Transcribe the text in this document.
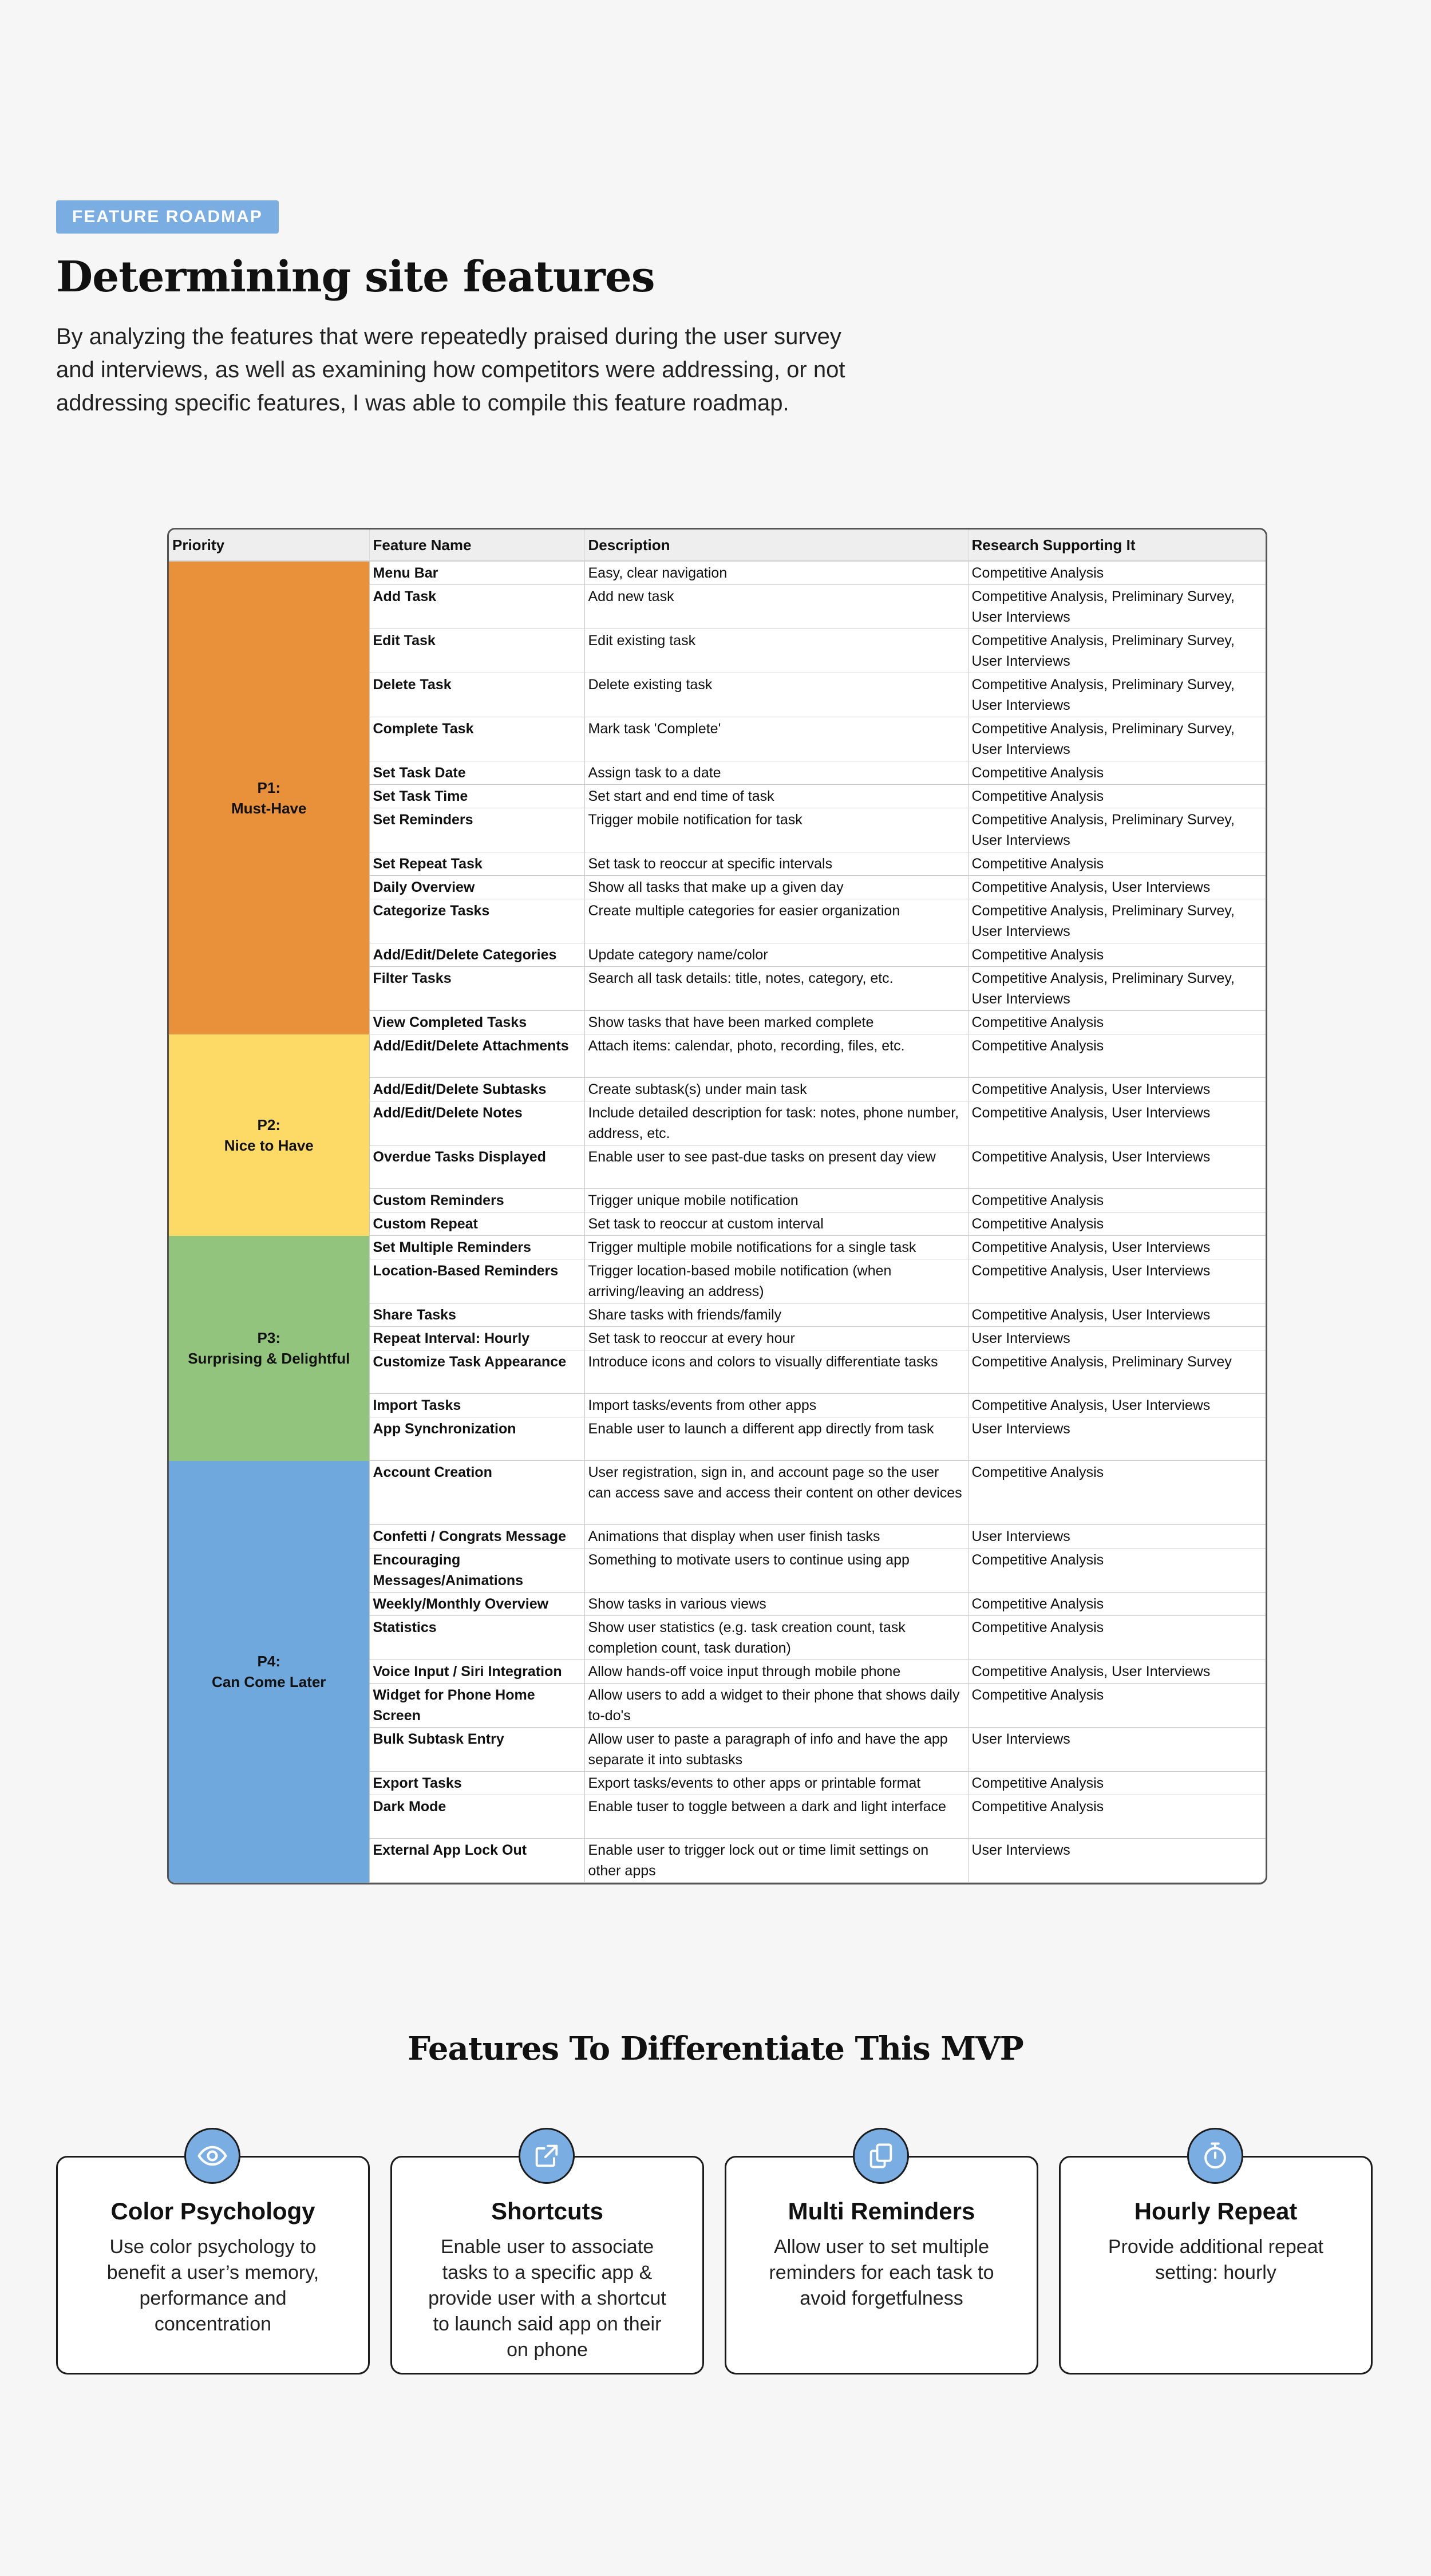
FEATURE ROADMAP
Determining site features

By analyzing the features that were repeatedly praised during the user survey and interviews, as well as examining how competitors were addressing, or not addressing specific features, I was able to compile this feature roadmap.

Priority	Feature Name	Description	Research Supporting It

P1:
Must-Have	Menu Bar	Easy, clear navigation	Competitive Analysis
	Add Task	Add new task	Competitive Analysis, Preliminary Survey, User Interviews
	Edit Task	Edit existing task	Competitive Analysis, Preliminary Survey, User Interviews
	Delete Task	Delete existing task	Competitive Analysis, Preliminary Survey, User Interviews
	Complete Task	Mark task 'Complete'	Competitive Analysis, Preliminary Survey, User Interviews
	Set Task Date	Assign task to a date	Competitive Analysis
	Set Task Time	Set start and end time of task	Competitive Analysis
	Set Reminders	Trigger mobile notification for task	Competitive Analysis, Preliminary Survey, User Interviews
	Set Repeat Task	Set task to reoccur at specific intervals	Competitive Analysis
	Daily Overview	Show all tasks that make up a given day	Competitive Analysis, User Interviews
	Categorize Tasks	Create multiple categories for easier organization	Competitive Analysis, Preliminary Survey, User Interviews
	Add/Edit/Delete Categories	Update category name/color	Competitive Analysis
	Filter Tasks	Search all task details: title, notes, category, etc.	Competitive Analysis, Preliminary Survey, User Interviews
	View Completed Tasks	Show tasks that have been marked complete	Competitive Analysis

P2:
Nice to Have	Add/Edit/Delete Attachments	Attach items: calendar, photo, recording, files, etc.	Competitive Analysis
	Add/Edit/Delete Subtasks	Create subtask(s) under main task	Competitive Analysis, User Interviews
	Add/Edit/Delete Notes	Include detailed description for task: notes, phone number, address, etc.	Competitive Analysis, User Interviews
	Overdue Tasks Displayed	Enable user to see past-due tasks on present day view	Competitive Analysis, User Interviews
	Custom Reminders	Trigger unique mobile notification	Competitive Analysis
	Custom Repeat	Set task to reoccur at custom interval	Competitive Analysis

P3:
Surprising & Delightful	Set Multiple Reminders	Trigger multiple mobile notifications for a single task	Competitive Analysis, User Interviews
	Location-Based Reminders	Trigger location-based mobile notification (when arriving/leaving an address)	Competitive Analysis, User Interviews
	Share Tasks	Share tasks with friends/family	Competitive Analysis, User Interviews
	Repeat Interval: Hourly	Set task to reoccur at every hour	User Interviews
	Customize Task Appearance	Introduce icons and colors to visually differentiate tasks	Competitive Analysis, Preliminary Survey
	Import Tasks	Import tasks/events from other apps	Competitive Analysis, User Interviews
	App Synchronization	Enable user to launch a different app directly from task	User Interviews

P4:
Can Come Later	Account Creation	User registration, sign in, and account page so the user can access save and access their content on other devices	Competitive Analysis
	Confetti / Congrats Message	Animations that display when user finish tasks	User Interviews
	Encouraging Messages/Animations	Something to motivate users to continue using app	Competitive Analysis
	Weekly/Monthly Overview	Show tasks in various views	Competitive Analysis
	Statistics	Show user statistics (e.g. task creation count, task completion count, task duration)	Competitive Analysis
	Voice Input / Siri Integration	Allow hands-off voice input through mobile phone	Competitive Analysis, User Interviews
	Widget for Phone Home Screen	Allow users to add a widget to their phone that shows daily to-do's	Competitive Analysis
	Bulk Subtask Entry	Allow user to paste a paragraph of info and have the app separate it into subtasks	User Interviews
	Export Tasks	Export tasks/events to other apps or printable format	Competitive Analysis
	Dark Mode	Enable tuser to toggle between a dark and light interface	Competitive Analysis
	External App Lock Out	Enable user to trigger lock out or time limit settings on other apps	User Interviews
Features To Differentiate This MVP
Color Psychology

Use color psychology to benefit a user’s memory, performance and concentration

Shortcuts

Enable user to associate tasks to a specific app & provide user with a shortcut to launch said app on their on phone

Multi Reminders

Allow user to set multiple reminders for each task to avoid forgetfulness

Hourly Repeat

Provide additional repeat setting: hourly
